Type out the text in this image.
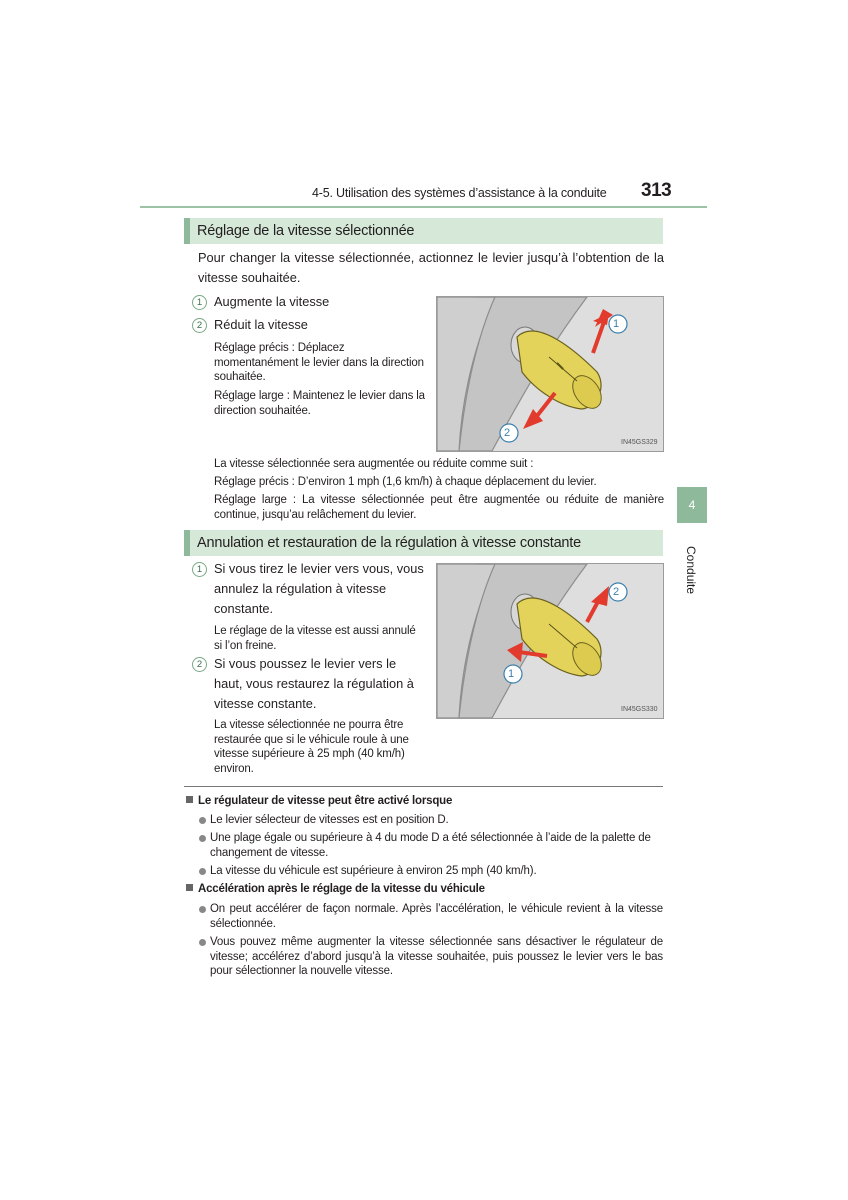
4-5. Utilisation des systèmes d’assistance à la conduite 313
4
Conduite
Réglage de la vitesse sélectionnée
Pour changer la vitesse sélectionnée, actionnez le levier jusqu’à l’obtention de la vitesse souhaitée.
1 Augmente la vitesse
2 Réduit la vitesse
Réglage précis : Déplacez momentanément le levier dans la direction souhaitée.
Réglage large : Maintenez le levier dans la direction souhaitée.
1
2
IN45GS329
La vitesse sélectionnée sera augmentée ou réduite comme suit :
Réglage précis : D’environ 1 mph (1,6 km/h) à chaque déplacement du levier.
Réglage large : La vitesse sélectionnée peut être augmentée ou réduite de manière continue, jusqu’au relâchement du levier.
Annulation et restauration de la régulation à vitesse constante
1 Si vous tirez le levier vers vous, vous annulez la régulation à vitesse constante.
Le réglage de la vitesse est aussi annulé si l’on freine.
2 Si vous poussez le levier vers le haut, vous restaurez la régulation à vitesse constante.
La vitesse sélectionnée ne pourra être restaurée que si le véhicule roule à une vitesse supérieure à 25 mph (40 km/h) environ.
2
1
IN45GS330
Le régulateur de vitesse peut être activé lorsque
Le levier sélecteur de vitesses est en position D.
Une plage égale ou supérieure à 4 du mode D a été sélectionnée à l’aide de la palette de changement de vitesse.
La vitesse du véhicule est supérieure à environ 25 mph (40 km/h).
Accélération après le réglage de la vitesse du véhicule
On peut accélérer de façon normale. Après l’accélération, le véhicule revient à la vitesse sélectionnée.
Vous pouvez même augmenter la vitesse sélectionnée sans désactiver le régulateur de vitesse; accélérez d’abord jusqu’à la vitesse souhaitée, puis poussez le levier vers le bas pour sélectionner la nouvelle vitesse.
